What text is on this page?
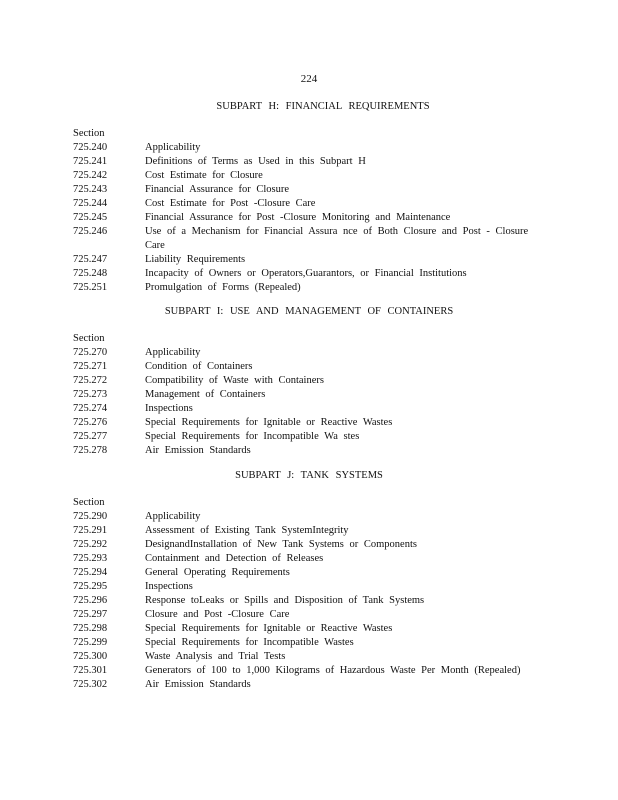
224
SUBPART H: FINANCIAL REQUIREMENTS
Section
725.240	Applicability
725.241	Definitions of Terms as Used in this Subpart H
725.242	Cost Estimate for Closure
725.243	Financial Assurance for Closure
725.244	Cost Estimate for Post -Closure Care
725.245	Financial Assurance for Post -Closure Monitoring and Maintenance
725.246	Use of a Mechanism for Financial Assura nce of Both Closure and Post - Closure Care
725.247	Liability Requirements
725.248	Incapacity of Owners or Operators,Guarantors, or Financial Institutions
725.251	Promulgation of Forms (Repealed)
SUBPART I: USE AND MANAGEMENT OF CONTAINERS
Section
725.270	Applicability
725.271	Condition of Containers
725.272	Compatibility of Waste with Containers
725.273	Management of Containers
725.274	Inspections
725.276	Special Requirements for Ignitable or Reactive Wastes
725.277	Special Requirements for Incompatible Wa stes
725.278	Air Emission Standards
SUBPART J: TANK SYSTEMS
Section
725.290	Applicability
725.291	Assessment of Existing Tank SystemIntegrity
725.292	DesignandInstallation of New Tank Systems or Components
725.293	Containment and Detection of Releases
725.294	General Operating Requirements
725.295	Inspections
725.296	Response toLeaks or Spills and Disposition of Tank Systems
725.297	Closure and Post -Closure Care
725.298	Special Requirements for Ignitable or Reactive Wastes
725.299	Special Requirements for Incompatible Wastes
725.300	Waste Analysis and Trial Tests
725.301	Generators of 100 to 1,000 Kilograms of Hazardous Waste Per Month (Repealed)
725.302	Air Emission Standards
